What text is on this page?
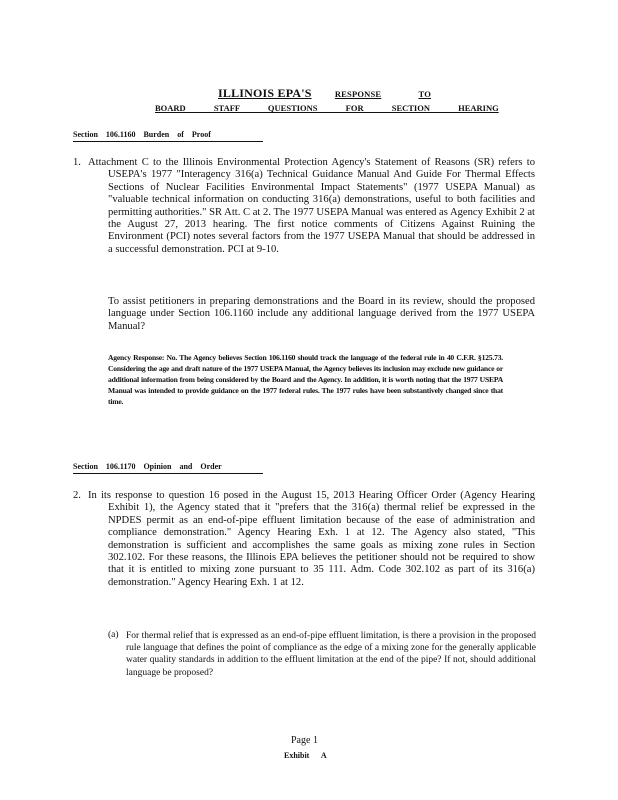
ILLINOIS EPA'S	RESPONSE	TO
BOARD STAFF QUESTIONS FOR SECTION HEARING
Section 106.1160 Burden of Proof
1. Attachment C to the Illinois Environmental Protection Agency's Statement of Reasons (SR) refers to USEPA's 1977 "Interagency 316(a) Technical Guidance Manual And Guide For Thermal Effects Sections of Nuclear Facilities Environmental Impact Statements" (1977 USEPA Manual) as "valuable technical information on conducting 316(a) demonstrations, useful to both facilities and permitting authorities." SR Att. C at 2. The 1977 USEPA Manual was entered as Agency Exhibit 2 at the August 27, 2013 hearing. The first notice comments of Citizens Against Ruining the Environment (PCI) notes several factors from the 1977 USEPA Manual that should be addressed in a successful demonstration. PCI at 9-10.

To assist petitioners in preparing demonstrations and the Board in its review, should the proposed language under Section 106.1160 include any additional language derived from the 1977 USEPA Manual?

Agency Response: No. The Agency believes Section 106.1160 should track the language of the federal rule in 40 C.F.R. §125.73. Considering the age and draft nature of the 1977 USEPA Manual, the Agency believes its inclusion may exclude new guidance or additional information from being considered by the Board and the Agency. In addition, it is worth noting that the 1977 USEPA Manual was intended to provide guidance on the 1977 federal rules. The 1977 rules have been substantively changed since that time.

Section 106.1170 Opinion and Order
2. In its response to question 16 posed in the August 15, 2013 Hearing Officer Order (Agency Hearing Exhibit 1), the Agency stated that it "prefers that the 316(a) thermal relief be expressed in the NPDES permit as an end-of-pipe effluent limitation because of the ease of administration and compliance demonstration." Agency Hearing Exh. 1 at 12. The Agency also stated, "This demonstration is sufficient and accomplishes the same goals as mixing zone rules in Section 302.102. For these reasons, the Illinois EPA believes the petitioner should not be required to show that it is entitled to mixing zone pursuant to 35 111. Adm. Code 302.102 as part of its 316(a) demonstration." Agency Hearing Exh. 1 at 12.

(a) For thermal relief that is expressed as an end-of-pipe effluent limitation, is there a provision in the proposed rule language that defines the point of compliance as the edge of a mixing zone for the generally applicable water quality standards in addition to the effluent limitation at the end of the pipe? If not, should additional language be proposed?

Page 1
Exhibit A
